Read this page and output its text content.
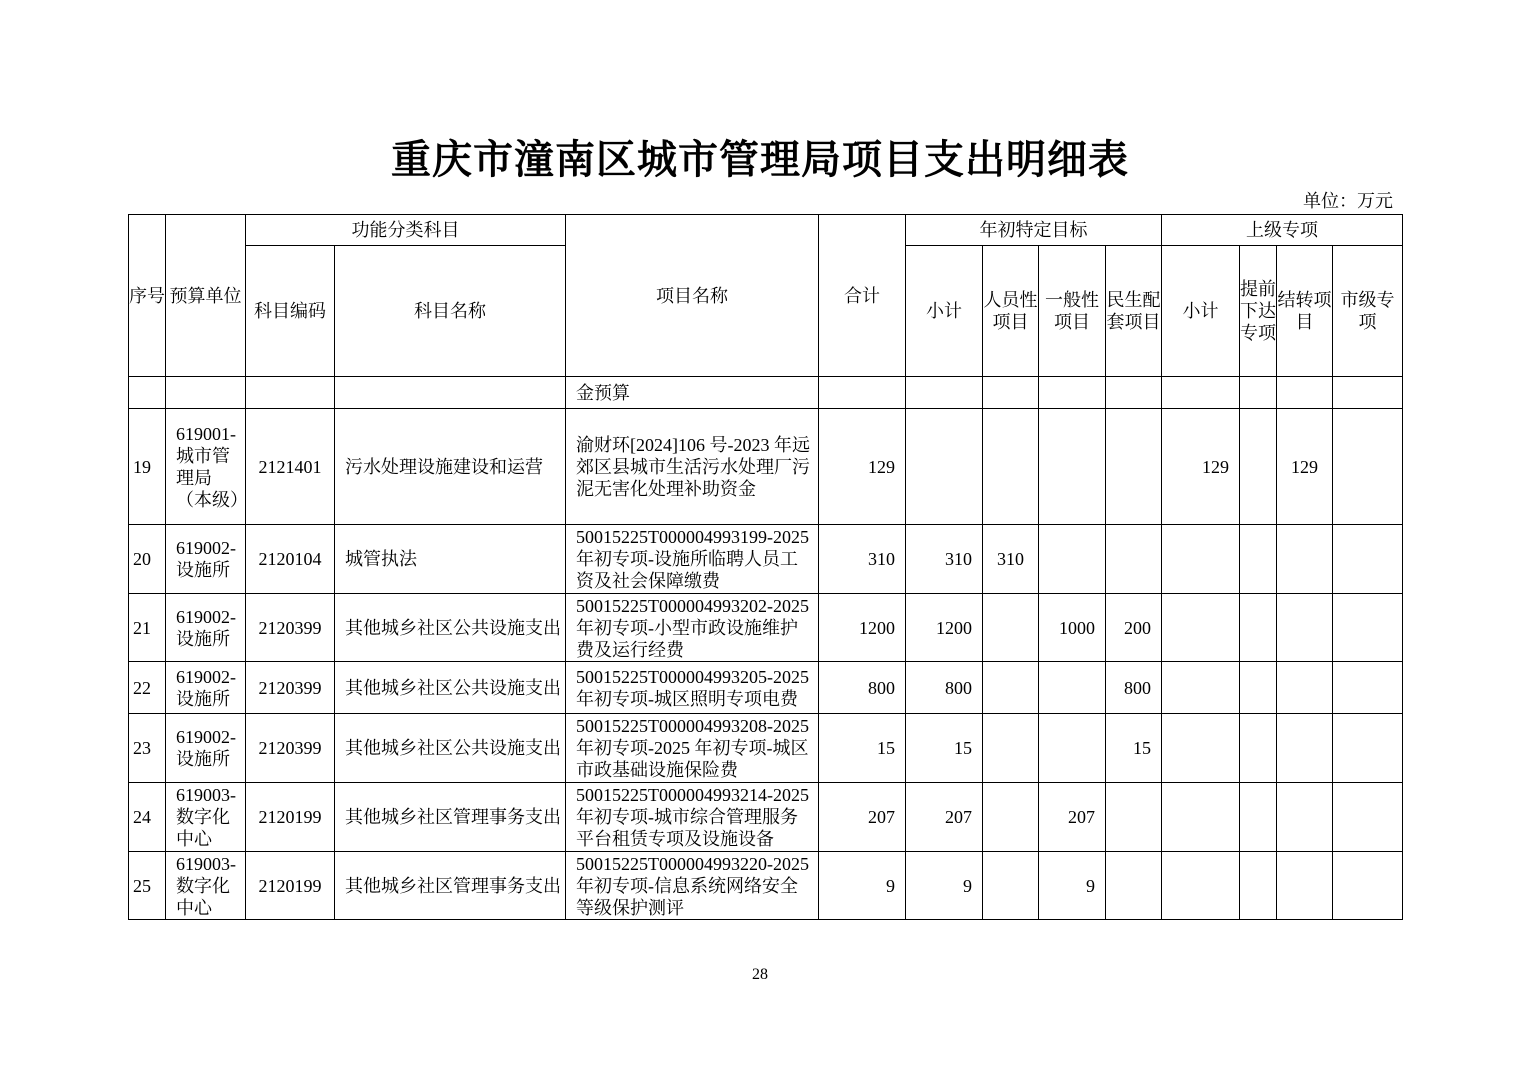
重庆市潼南区城市管理局项目支出明细表
单位：万元
序号	预算单位	功能分类科目		项目名称	合计	年初特定目标				上级专项			
		科目编码	科目名称			小计	人员性项目	一般性项目	民生配套项目	小计	提前下达专项	结转项目	市级专项
				金预算									
19	619001-城市管理局（本级）	2121401	污水处理设施建设和运营	渝财环[2024]106 号-2023 年远郊区县城市生活污水处理厂污泥无害化处理补助资金	129					129		129	
20	619002-设施所	2120104	城管执法	50015225T000004993199-2025年初专项-设施所临聘人员工资及社会保障缴费	310	310	310						
21	619002-设施所	2120399	其他城乡社区公共设施支出	50015225T000004993202-2025年初专项-小型市政设施维护费及运行经费	1200	1200		1000	200				
22	619002-设施所	2120399	其他城乡社区公共设施支出	50015225T000004993205-2025年初专项-城区照明专项电费	800	800			800				
23	619002-设施所	2120399	其他城乡社区公共设施支出	50015225T000004993208-2025年初专项-2025 年初专项-城区市政基础设施保险费	15	15			15				
24	619003-数字化中心	2120199	其他城乡社区管理事务支出	50015225T000004993214-2025年初专项-城市综合管理服务平台租赁专项及设施设备	207	207		207					
25	619003-数字化中心	2120199	其他城乡社区管理事务支出	50015225T000004993220-2025年初专项-信息系统网络安全等级保护测评	9	9		9					
28
